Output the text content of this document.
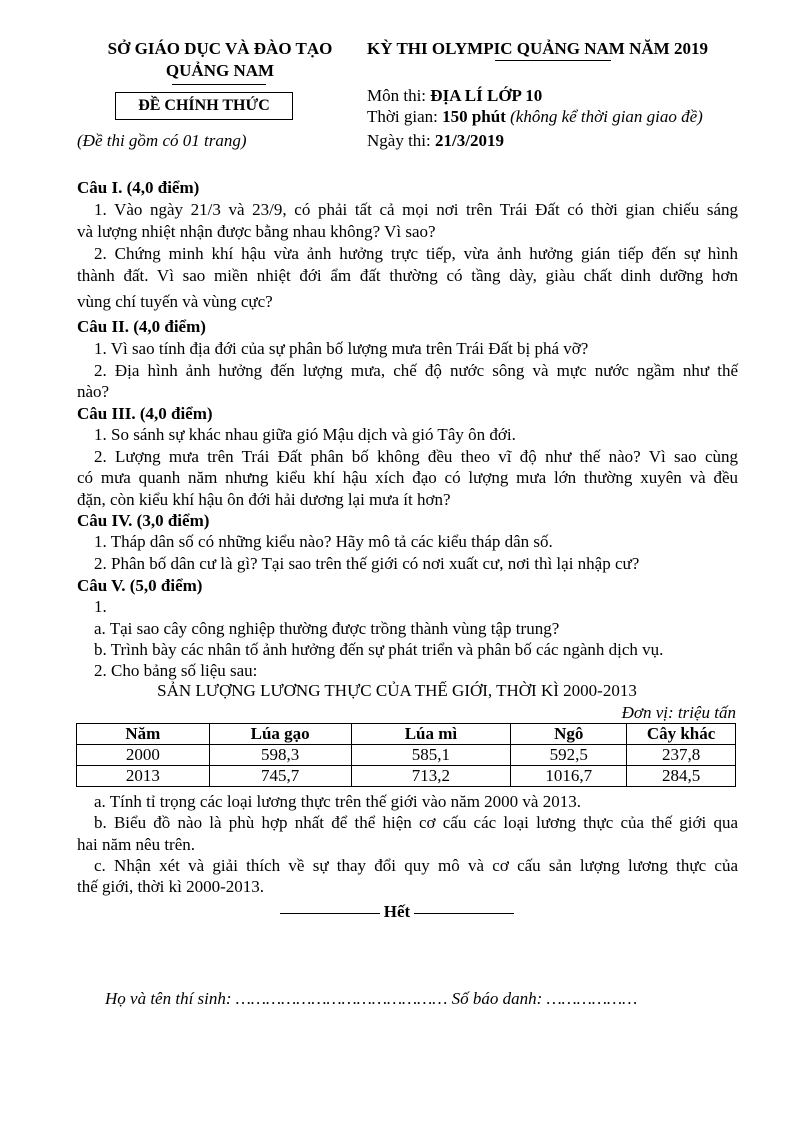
SỞ GIÁO DỤC VÀ ĐÀO TẠO
QUẢNG NAM
KỲ THI OLYMPIC QUẢNG NAM NĂM 2019
ĐỀ CHÍNH THỨC
(Đề thi gồm có 01 trang)
Môn thi: ĐỊA LÍ LỚP 10
Thời gian: 150 phút (không kể thời gian giao đề)
Ngày thi: 21/3/2019
Câu I. (4,0 điểm)
1. Vào ngày 21/3 và 23/9, có phải tất cả mọi nơi trên Trái Đất có thời gian chiếu sáng
và lượng nhiệt nhận được bằng nhau không? Vì sao?
2. Chứng minh khí hậu vừa ảnh hưởng trực tiếp, vừa ảnh hưởng gián tiếp đến sự hình
thành đất. Vì sao miền nhiệt đới ẩm đất thường có tầng dày, giàu chất dinh dưỡng hơn
vùng chí tuyến và vùng cực?
Câu II. (4,0 điểm)
1. Vì sao tính địa đới của sự phân bố lượng mưa trên Trái Đất bị phá vỡ?
2. Địa hình ảnh hưởng đến lượng mưa, chế độ nước sông và mực nước ngầm như thế
nào?
Câu III. (4,0 điểm)
1. So sánh sự khác nhau giữa gió Mậu dịch và gió Tây ôn đới.
2. Lượng mưa trên Trái Đất phân bố không đều theo vĩ độ như thế nào? Vì sao cùng
có mưa quanh năm nhưng kiểu khí hậu xích đạo có lượng mưa lớn thường xuyên và đều
đặn, còn kiểu khí hậu ôn đới hải dương lại mưa ít hơn?
Câu IV. (3,0 điểm)
1. Tháp dân số có những kiểu nào? Hãy mô tả các kiểu tháp dân số.
2. Phân bố dân cư là gì? Tại sao trên thế giới có nơi xuất cư, nơi thì lại nhập cư?
Câu V. (5,0 điểm)
1.
a. Tại sao cây công nghiệp thường được trồng thành vùng tập trung?
b. Trình bày các nhân tố ảnh hưởng đến sự phát triển và phân bố các ngành dịch vụ.
2. Cho bảng số liệu sau:
SẢN LƯỢNG LƯƠNG THỰC CỦA THẾ GIỚI, THỜI KÌ 2000-2013
Đơn vị: triệu tấn
Năm	Lúa gạo	Lúa mì	Ngô	Cây khác
2000	598,3	585,1	592,5	237,8
2013	745,7	713,2	1016,7	284,5
a. Tính tỉ trọng các loại lương thực trên thế giới vào năm 2000 và 2013.
b. Biểu đồ nào là phù hợp nhất để thể hiện cơ cấu các loại lương thực của thế giới qua
hai năm nêu trên.
c. Nhận xét và giải thích về sự thay đổi quy mô và cơ cấu sản lượng lương thực của
thế giới, thời kì 2000-2013.
Hết
Họ và tên thí sinh: …………………………………… Số báo danh: ………………
